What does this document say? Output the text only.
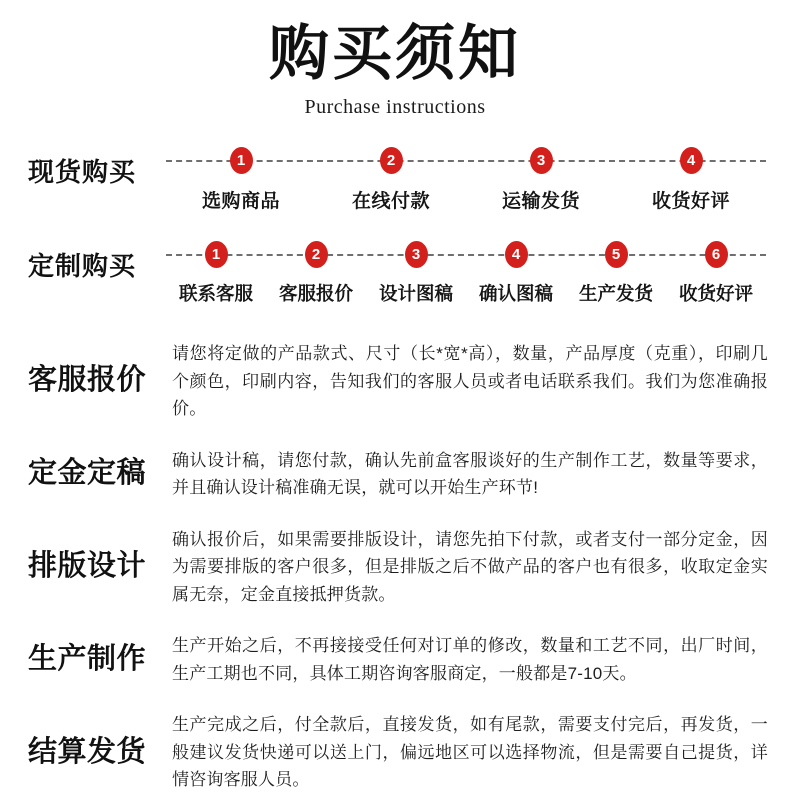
购买须知
Purchase instructions
现货购买	1
选购商品
2
在线付款
3
运输发货
4
收货好评
定制购买	1
联系客服
2
客服报价
3
设计图稿
4
确认图稿
5
生产发货
6
收货好评
客服报价
请您将定做的产品款式、尺寸（长*宽*高），数量，产品厚度（克重），印刷几个颜色，印刷内容，告知我们的客服人员或者电话联系我们。我们为您准确报价。
定金定稿	确认设计稿，请您付款，确认先前盒客服谈好的生产制作工艺，数量等要求，并且确认设计稿准确无误，就可以开始生产环节!
排版设计
确认报价后，如果需要排版设计，请您先拍下付款，或者支付一部分定金，因为需要排版的客户很多，但是排版之后不做产品的客户也有很多，收取定金实属无奈，定金直接抵押货款。
生产制作	生产开始之后，不再接接受任何对订单的修改，数量和工艺不同，出厂时间，生产工期也不同，具体工期咨询客服商定，一般都是7-10天。
结算发货
生产完成之后，付全款后，直接发货，如有尾款，需要支付完后，再发货，一般建议发货快递可以送上门，偏远地区可以选择物流，但是需要自己提货，详情咨询客服人员。
